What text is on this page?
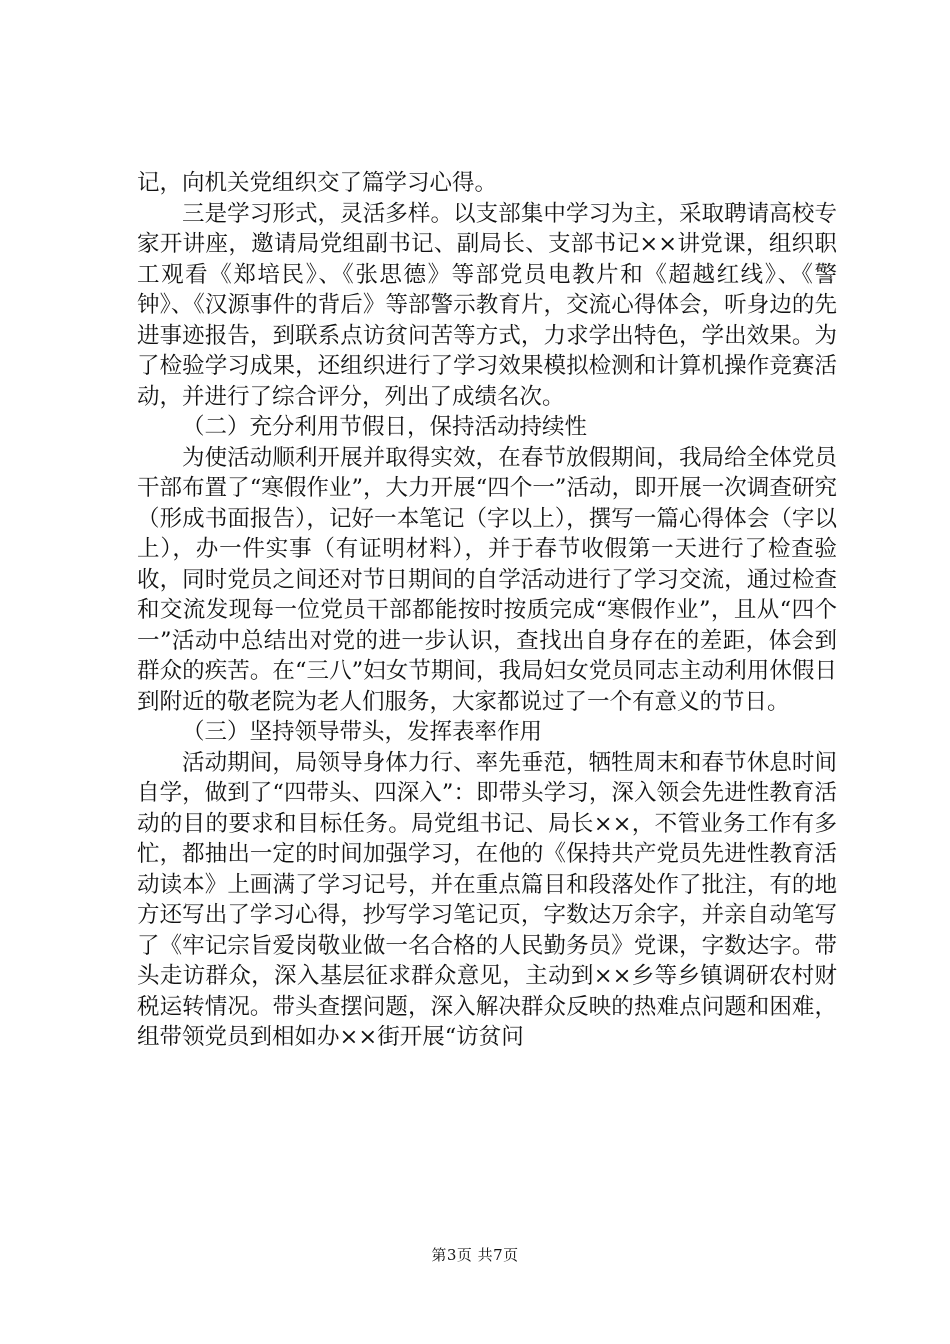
记，向机关党组织交了篇学习心得。

三是学习形式，灵活多样。以支部集中学习为主，采取聘请高校专家开讲座，邀请局党组副书记、副局长、支部书记××讲党课，组织职工观看《郑培民》、《张思德》等部党员电教片和《超越红线》、《警钟》、《汉源事件的背后》等部警示教育片，交流心得体会，听身边的先进事迹报告，到联系点访贫问苦等方式，力求学出特色，学出效果。为了检验学习成果，还组织进行了学习效果模拟检测和计算机操作竞赛活动，并进行了综合评分，列出了成绩名次。

（二）充分利用节假日，保持活动持续性

为使活动顺利开展并取得实效，在春节放假期间，我局给全体党员干部布置了“寒假作业”，大力开展“四个一”活动，即开展一次调查研究（形成书面报告），记好一本笔记（字以上），撰写一篇心得体会（字以上），办一件实事（有证明材料），并于春节收假第一天进行了检查验收，同时党员之间还对节日期间的自学活动进行了学习交流，通过检查和交流发现每一位党员干部都能按时按质完成“寒假作业”，且从“四个一”活动中总结出对党的进一步认识，查找出自身存在的差距，体会到群众的疾苦。在“三八”妇女节期间，我局妇女党员同志主动利用休假日到附近的敬老院为老人们服务，大家都说过了一个有意义的节日。

（三）坚持领导带头，发挥表率作用

活动期间，局领导身体力行、率先垂范，牺牲周末和春节休息时间自学，做到了“四带头、四深入”：即带头学习，深入领会先进性教育活动的目的要求和目标任务。局党组书记、局长××，不管业务工作有多忙，都抽出一定的时间加强学习，在他的《保持共产党员先进性教育活动读本》上画满了学习记号，并在重点篇目和段落处作了批注，有的地方还写出了学习心得，抄写学习笔记页，字数达万余字，并亲自动笔写了《牢记宗旨爱岗敬业做一名合格的人民勤务员》党课，字数达字。带头走访群众，深入基层征求群众意见，主动到××乡等乡镇调研农村财税运转情况。带头查摆问题，深入解决群众反映的热难点问题和困难，组带领党员到相如办××街开展“访贫问

第3页 共7页
